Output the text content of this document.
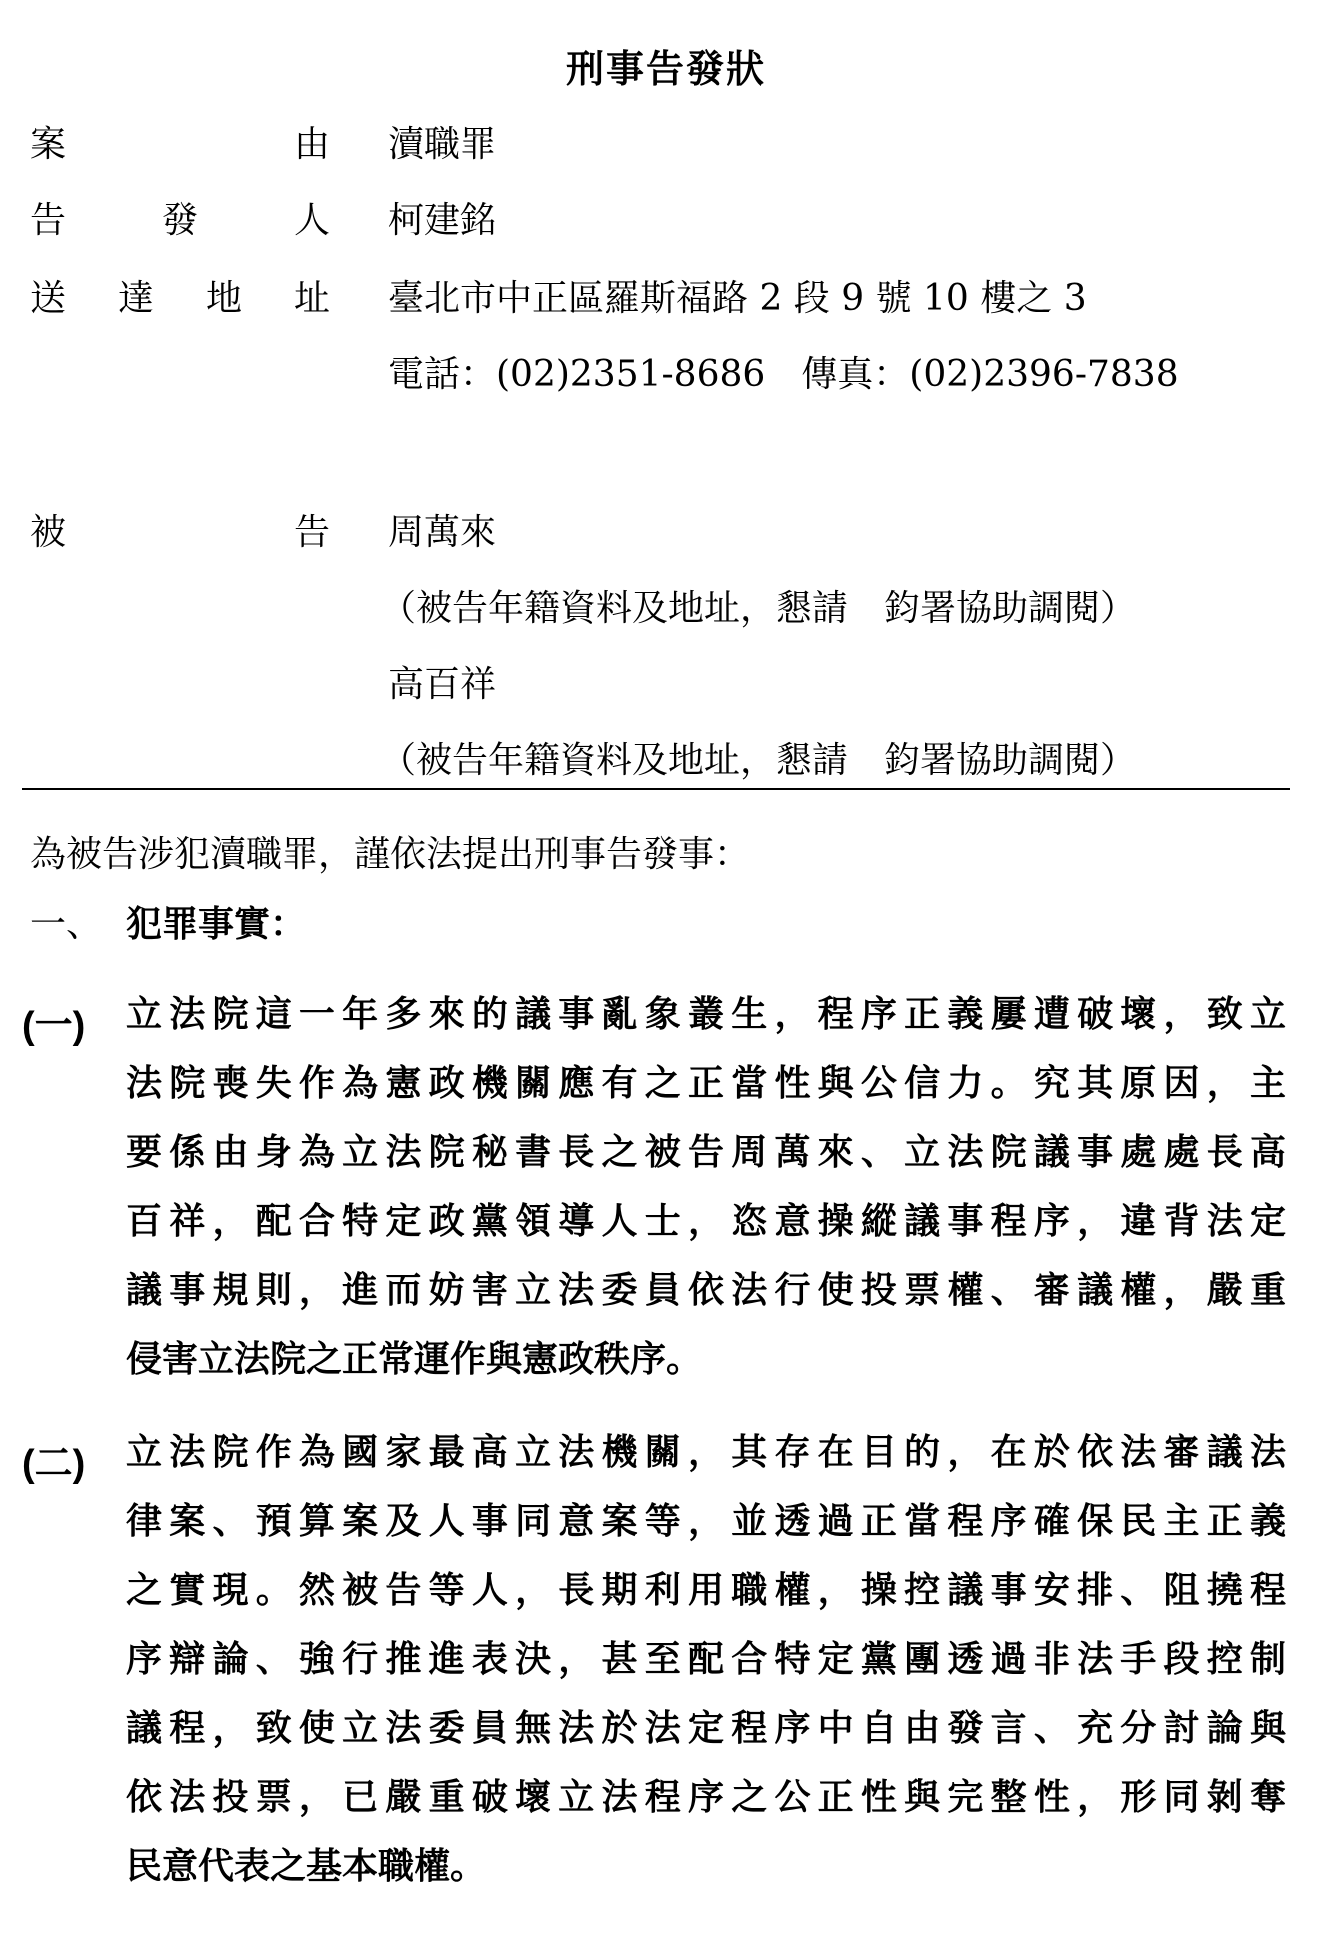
刑事告發狀
案	由 瀆職罪
告	發	人 柯建銘
送 達 地 址 臺北市中正區羅斯福路 2 段 9 號 10 樓之 3
電話：(02)2351-8686　傳真：(02)2396-7838
被	告 周萬來
（被告年籍資料及地址，懇請　鈞署協助調閱）
高百祥
（被告年籍資料及地址，懇請　鈞署協助調閱）
為被告涉犯瀆職罪，謹依法提出刑事告發事：
一、 犯罪事實：
(一) 立法院這一年多來的議事亂象叢生，程序正義屢遭破壞，致立
法院喪失作為憲政機關應有之正當性與公信力。究其原因，主
要係由身為立法院秘書長之被告周萬來、立法院議事處處長高
百祥，配合特定政黨領導人士，恣意操縱議事程序，違背法定
議事規則，進而妨害立法委員依法行使投票權、審議權，嚴重
侵害立法院之正常運作與憲政秩序。
(二) 立法院作為國家最高立法機關，其存在目的，在於依法審議法
律案、預算案及人事同意案等，並透過正當程序確保民主正義
之實現。然被告等人，長期利用職權，操控議事安排、阻撓程
序辯論、強行推進表決，甚至配合特定黨團透過非法手段控制
議程，致使立法委員無法於法定程序中自由發言、充分討論與
依法投票，已嚴重破壞立法程序之公正性與完整性，形同剝奪
民意代表之基本職權。
